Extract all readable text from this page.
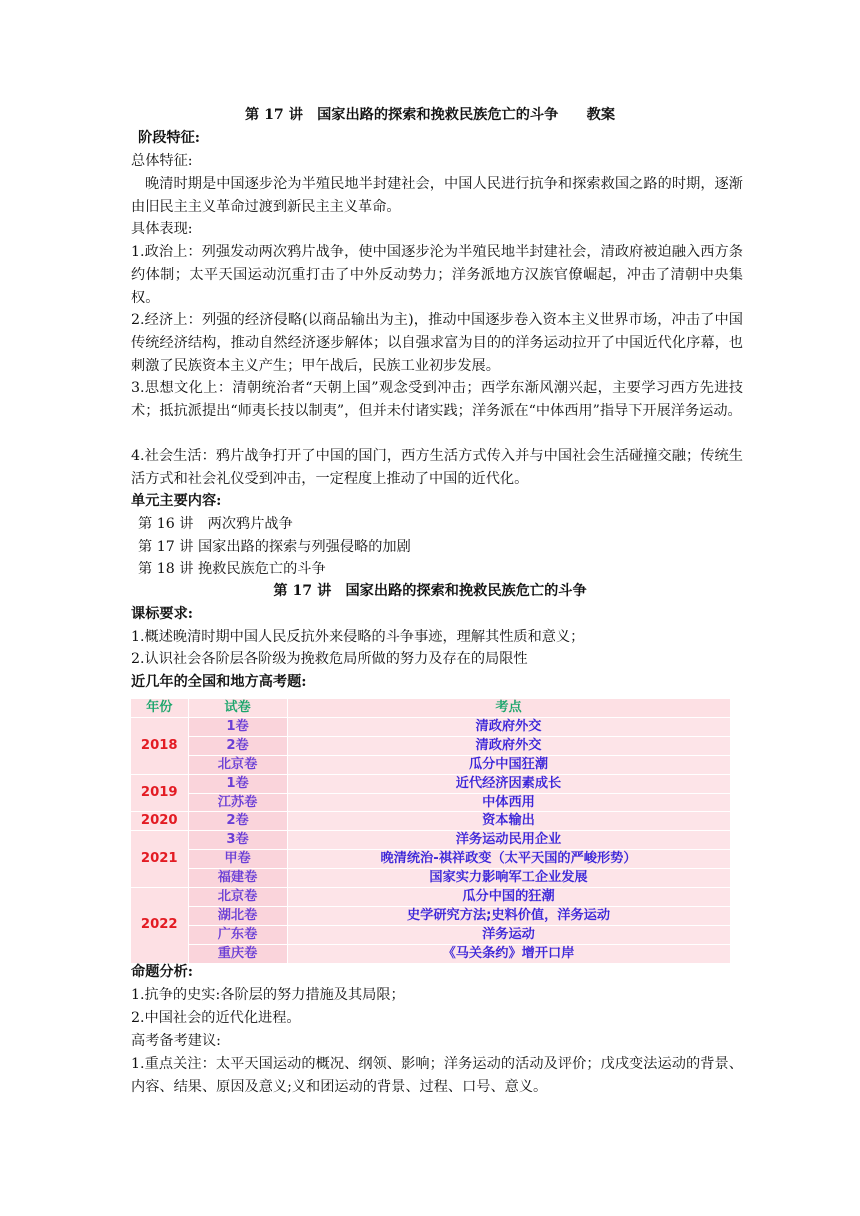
第 17 讲　国家出路的探索和挽救民族危亡的斗争　　教案
阶段特征:
总体特征:
晚清时期是中国逐步沦为半殖民地半封建社会，中国人民进行抗争和探索救国之路的时期，逐渐由旧民主主义革命过渡到新民主主义革命。
具体表现:
1.政治上：列强发动两次鸦片战争，使中国逐步沦为半殖民地半封建社会，清政府被迫融入西方条约体制；太平天国运动沉重打击了中外反动势力；洋务派地方汉族官僚崛起，冲击了清朝中央集权。
2.经济上：列强的经济侵略(以商品输出为主)，推动中国逐步卷入资本主义世界市场，冲击了中国传统经济结构，推动自然经济逐步解体；以自强求富为目的的洋务运动拉开了中国近代化序幕，也刺激了民族资本主义产生；甲午战后，民族工业初步发展。
3.思想文化上：清朝统治者“天朝上国”观念受到冲击；西学东渐风潮兴起，主要学习西方先进技术；抵抗派提出“师夷长技以制夷”，但并未付诸实践；洋务派在“中体西用”指导下开展洋务运动。
4.社会生活：鸦片战争打开了中国的国门，西方生活方式传入并与中国社会生活碰撞交融；传统生活方式和社会礼仪受到冲击，一定程度上推动了中国的近代化。
单元主要内容:
第 16 讲　两次鸦片战争
第 17 讲 国家出路的探索与列强侵略的加剧
第 18 讲 挽救民族危亡的斗争
第 17 讲　国家出路的探索和挽救民族危亡的斗争
课标要求:
1.概述晚清时期中国人民反抗外来侵略的斗争事迹，理解其性质和意义；
2.认识社会各阶层各阶级为挽救危局所做的努力及存在的局限性
近几年的全国和地方高考题:
年份	试卷	考点
2018	1卷	清政府外交
	2卷	清政府外交
	北京卷	瓜分中国狂潮
2019	1卷	近代经济因素成长
	江苏卷	中体西用
2020	2卷	资本输出
2021	3卷	洋务运动民用企业
	甲卷	晚清统治-祺祥政变（太平天国的严峻形势）
	福建卷	国家实力影响军工企业发展
2022	北京卷	瓜分中国的狂潮
	湖北卷	史学研究方法;史料价值，洋务运动
	广东卷	洋务运动
	重庆卷	《马关条约》增开口岸
命题分析:
1.抗争的史实:各阶层的努力措施及其局限；
2.中国社会的近代化进程。
高考备考建议:
1.重点关注：太平天国运动的概况、纲领、影响；洋务运动的活动及评价；戊戌变法运动的背景、内容、结果、原因及意义;义和团运动的背景、过程、口号、意义。
